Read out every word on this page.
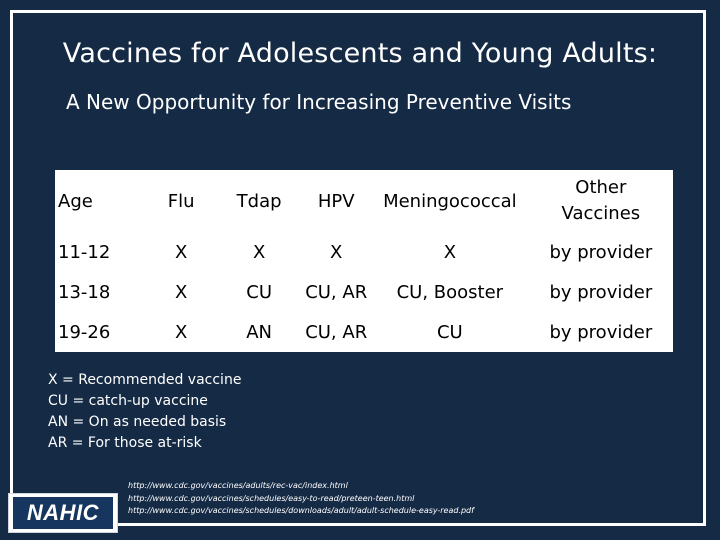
Vaccines for Adolescents and Young Adults:
A New Opportunity for Increasing Preventive Visits
Age	Flu	Tdap	HPV	Meningococcal	Other
Vaccines
11-12	X	X	X	X	by provider
13-18	X	CU	CU, AR	CU, Booster	by provider
19-26	X	AN	CU, AR	CU	by provider
X = Recommended vaccine
CU = catch-up vaccine
AN = On as needed basis
AR = For those at-risk
NAHIC
http://www.cdc.gov/vaccines/adults/rec-vac/index.html
http://www.cdc.gov/vaccines/schedules/easy-to-read/preteen-teen.html
http://www.cdc.gov/vaccines/schedules/downloads/adult/adult-schedule-easy-read.pdf
